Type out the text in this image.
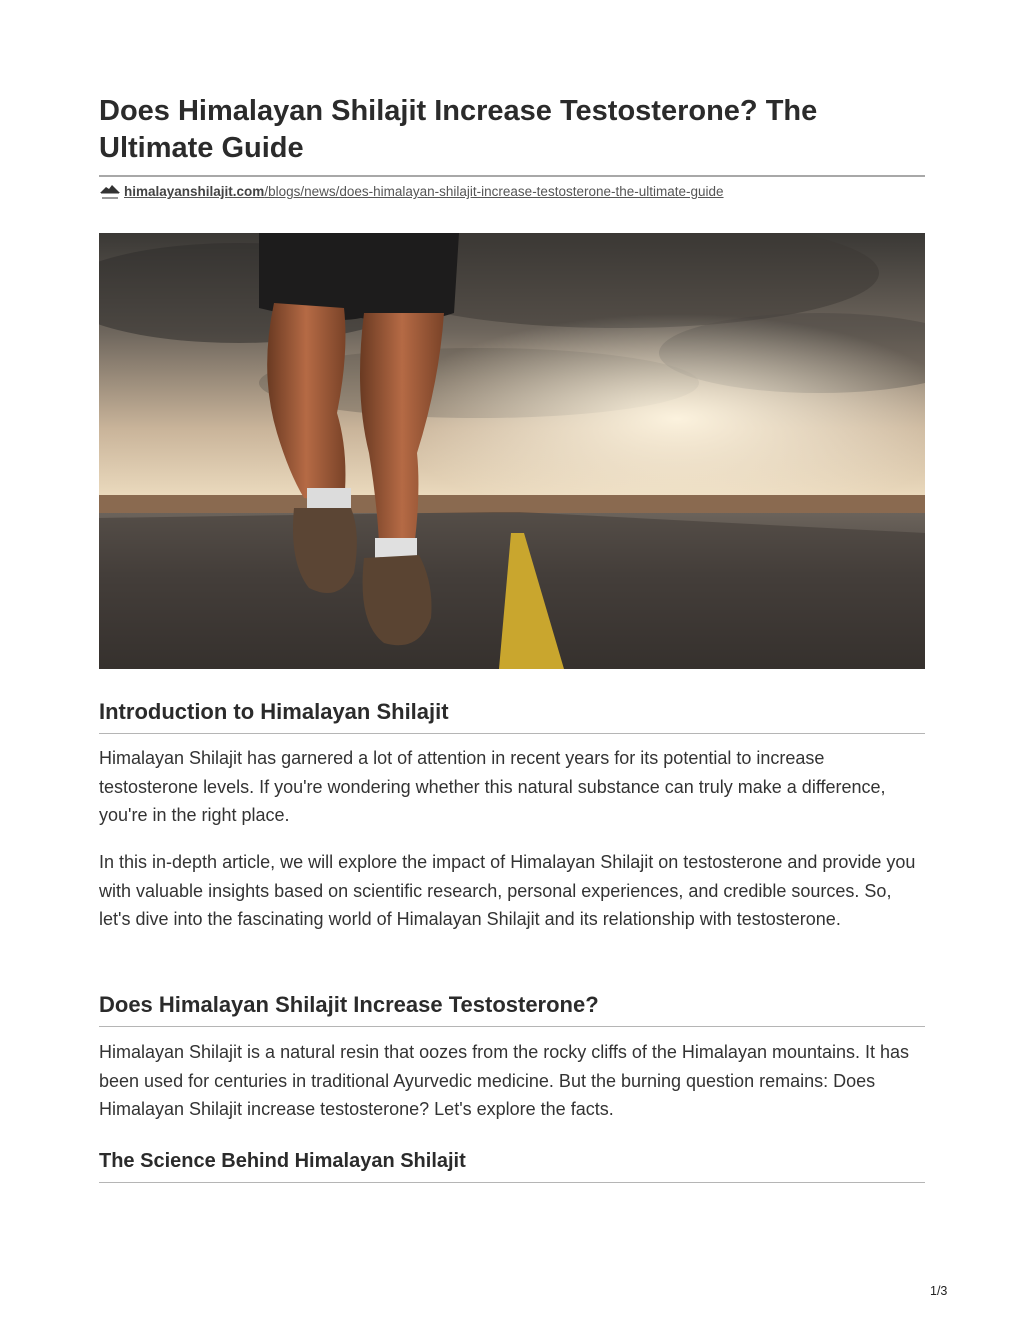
Does Himalayan Shilajit Increase Testosterone? The Ultimate Guide
himalayanshilajit.com/blogs/news/does-himalayan-shilajit-increase-testosterone-the-ultimate-guide
Introduction to Himalayan Shilajit

Himalayan Shilajit has garnered a lot of attention in recent years for its potential to increase testosterone levels. If you're wondering whether this natural substance can truly make a difference, you're in the right place.

In this in-depth article, we will explore the impact of Himalayan Shilajit on testosterone and provide you with valuable insights based on scientific research, personal experiences, and credible sources. So, let's dive into the fascinating world of Himalayan Shilajit and its relationship with testosterone.

Does Himalayan Shilajit Increase Testosterone?

Himalayan Shilajit is a natural resin that oozes from the rocky cliffs of the Himalayan mountains. It has been used for centuries in traditional Ayurvedic medicine. But the burning question remains: Does Himalayan Shilajit increase testosterone? Let's explore the facts.

The Science Behind Himalayan Shilajit
1/3
